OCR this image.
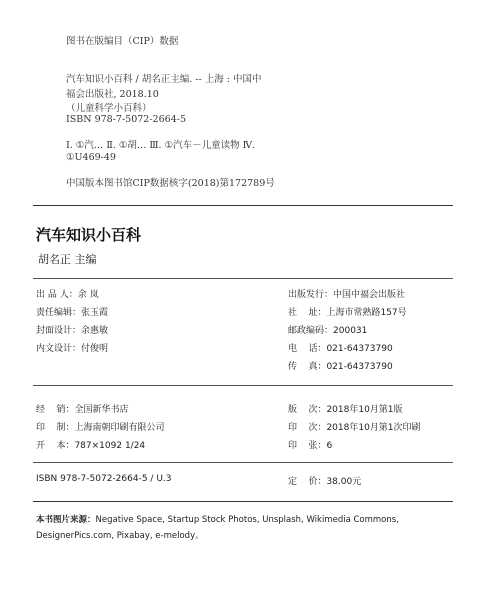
图书在版编目（CIP）数据
汽车知识小百科 / 胡名正主编. -- 上海 : 中国中
福会出版社, 2018.10
（儿童科学小百科）
ISBN 978-7-5072-2664-5
Ⅰ. ①汽… Ⅱ. ①胡… Ⅲ. ①汽车－儿童读物 Ⅳ.
①U469-49
中国版本图书馆CIP数据核字(2018)第172789号
汽车知识小百科
胡名正 主编
出 品 人：余 岚
责任编辑：张玉霞
封面设计：余惠敏
内文设计：付俊明
出版发行：中国中福会出版社
社    址：上海市常熟路157号
邮政编码：200031
电    话：021-64373790
传    真：021-64373790
经    销：全国新华书店
印    制：上海南朝印刷有限公司
开    本：787×1092 1/24
版    次：2018年10月第1版
印    次：2018年10月第1次印刷
印    张：6
ISBN 978-7-5072-2664-5 / U.3	定    价：38.00元
本书图片来源：Negative Space, Startup Stock Photos, Unsplash, Wikimedia Commons, DesignerPics.com, Pixabay, e-melody。
